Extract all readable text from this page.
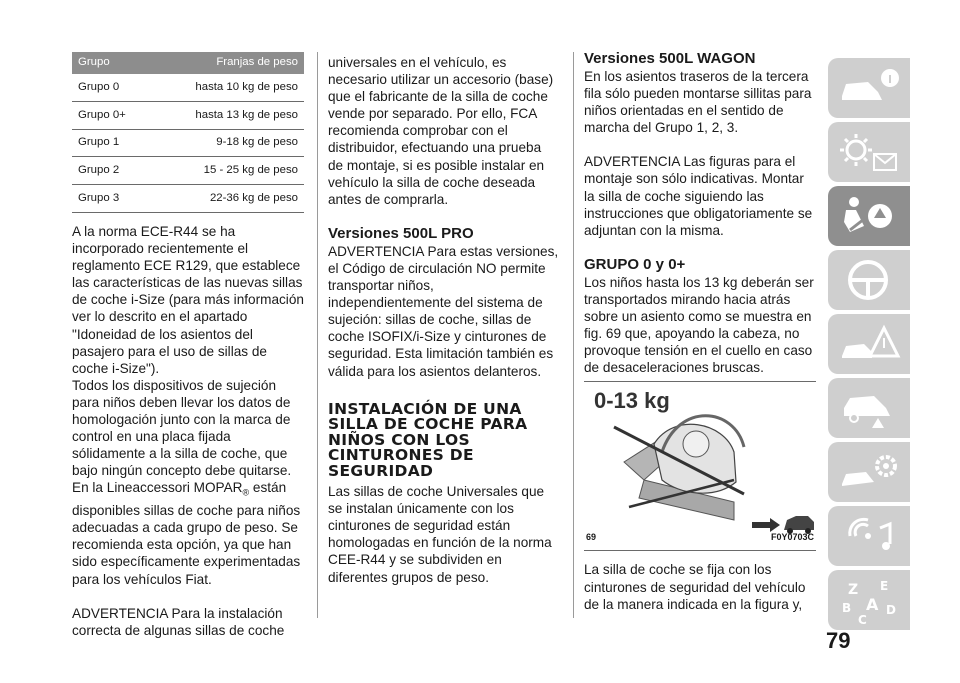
Grupo	Franjas de peso
Grupo 0	hasta 10 kg de peso
Grupo 0+	hasta 13 kg de peso
Grupo 1	9-18 kg de peso
Grupo 2	15 - 25 kg de peso
Grupo 3	22-36 kg de peso

A la norma ECE-R44 se ha incorporado recientemente el reglamento ECE R129, que establece las características de las nuevas sillas de coche i-Size (para más información ver lo descrito en el apartado "Idoneidad de los asientos del pasajero para el uso de sillas de coche i-Size").

Todos los dispositivos de sujeción para niños deben llevar los datos de homologación junto con la marca de control en una placa fijada sólidamente a la silla de coche, que bajo ningún concepto debe quitarse.

En la Lineaccessori $MOPAR_®$ están disponibles sillas de coche para niños adecuadas a cada grupo de peso. Se recomienda esta opción, ya que han sido específicamente experimentadas para los vehículos Fiat.

ADVERTENCIA Para la instalación correcta de algunas sillas de coche

universales en el vehículo, es necesario utilizar un accesorio (base) que el fabricante de la silla de coche vende por separado. Por ello, FCA recomienda comprobar con el distribuidor, efectuando una prueba de montaje, si es posible instalar en vehículo la silla de coche deseada antes de comprarla.

Versiones 500L PRO

ADVERTENCIA Para estas versiones, el Código de circulación NO permite transportar niños, independientemente del sistema de sujeción: sillas de coche, sillas de coche ISOFIX/i-Size y cinturones de seguridad. Esta limitación también es válida para los asientos delanteros.

INSTALACIÓN DE UNA SILLA DE COCHE PARA NIÑOS CON LOS CINTURONES DE SEGURIDAD

Las sillas de coche Universales que se instalan únicamente con los cinturones de seguridad están homologadas en función de la norma CEE-R44 y se subdividen en diferentes grupos de peso.

Versiones 500L WAGON

En los asientos traseros de la tercera fila sólo pueden montarse sillitas para niños orientadas en el sentido de marcha del Grupo 1, 2, 3.

ADVERTENCIA Las figuras para el montaje son sólo indicativas. Montar la silla de coche siguiendo las instrucciones que obligatoriamente se adjuntan con la misma.

GRUPO 0 y 0+

Los niños hasta los 13 kg deberán ser transportados mirando hacia atrás sobre un asiento como se muestra en fig. 69 que, apoyando la cabeza, no provoque tensión en el cuello en caso de desaceleraciones bruscas.

0-13 kg
69	F0Y0703C

La silla de coche se fija con los cinturones de seguridad del vehículo de la manera indicada en la figura y,

Z E
B A D
C
79
